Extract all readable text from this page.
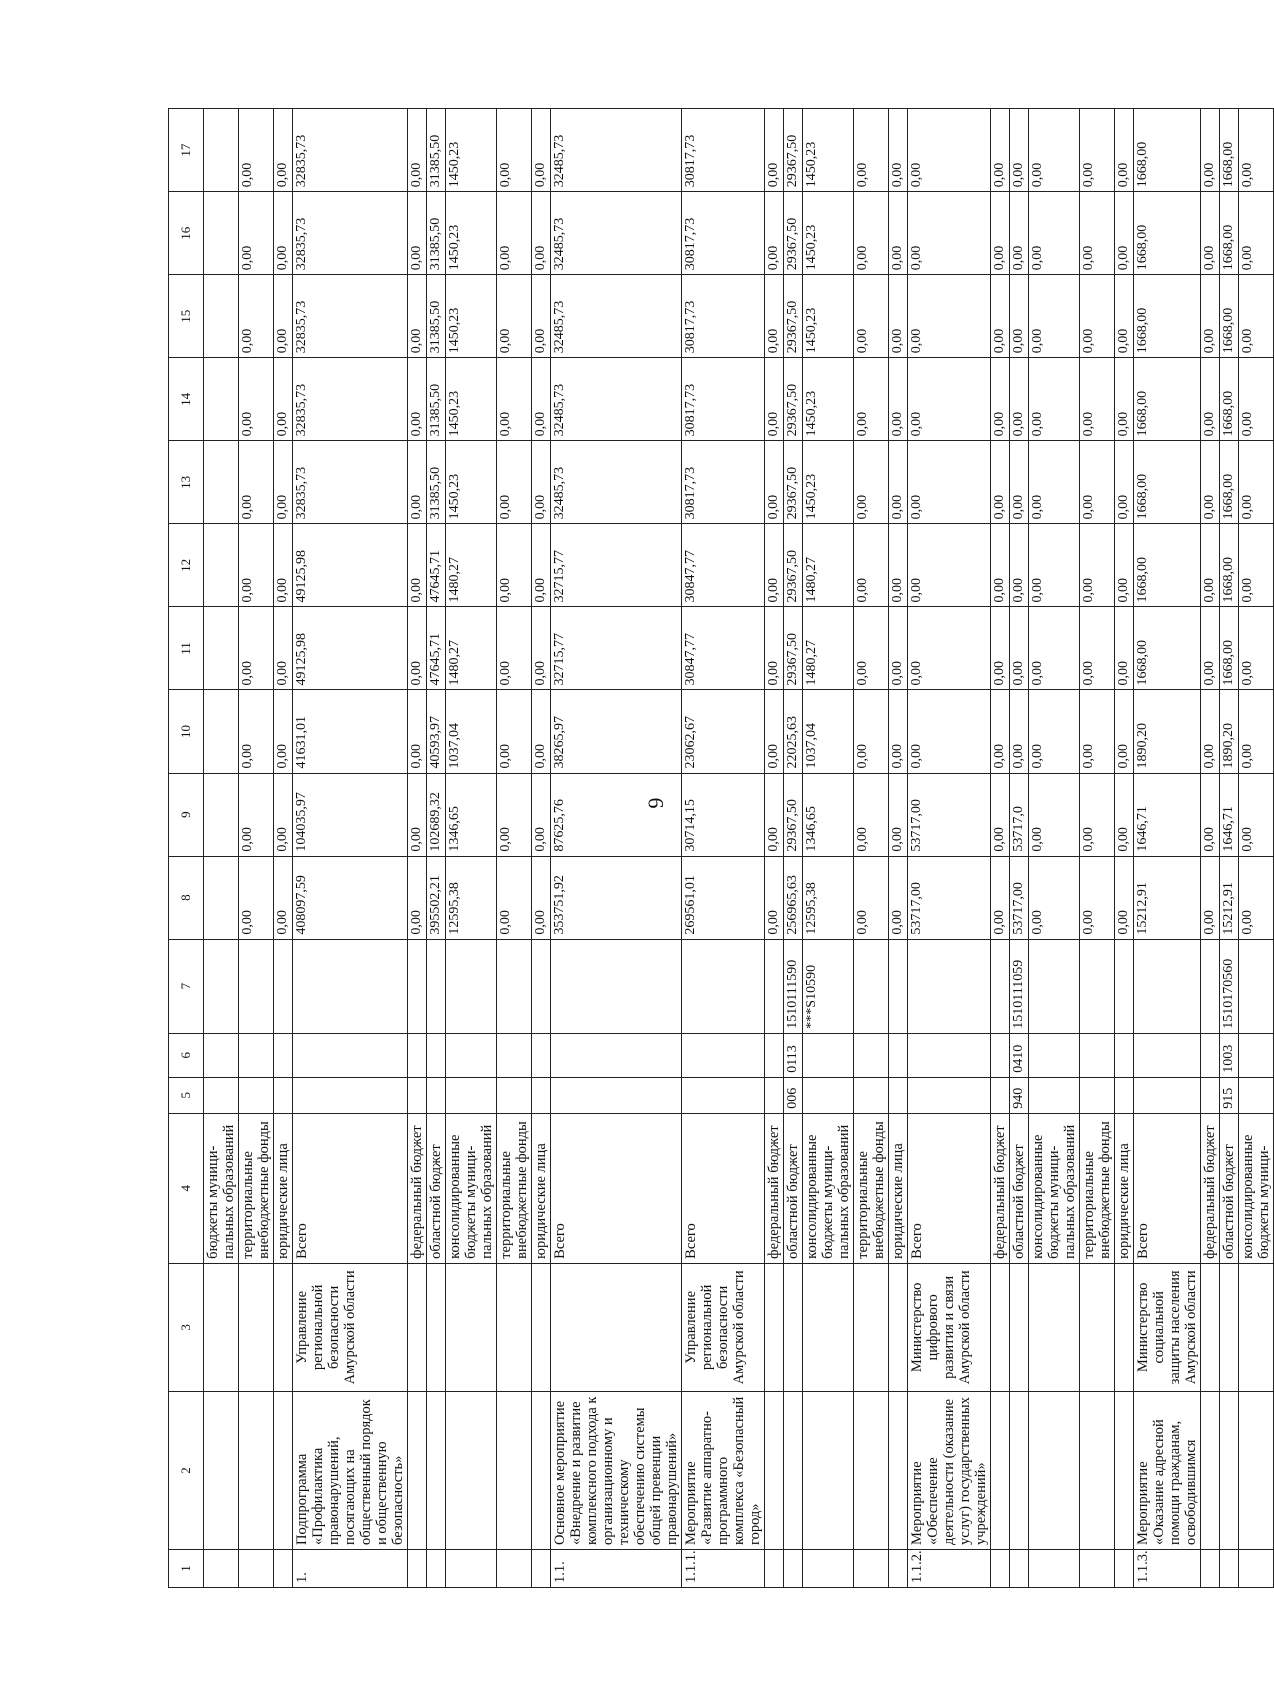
6
1	2	3	4	5	6	7	8	9	10	11	12	13	14	15	16	17
			бюджеты муници-пальных образований													
			территориальные внебюджетные фонды				0,00	0,00	0,00	0,00	0,00	0,00	0,00	0,00	0,00	0,00
			юридические лица				0,00	0,00	0,00	0,00	0,00	0,00	0,00	0,00	0,00	0,00
1.	Подпрограмма «Профилактика правонарушений, посягающих на общественный порядок и общественную безопасность»	Управление региональной безопасности Амурской области	Всего				408097,59	104035,97	41631,01	49125,98	49125,98	32835,73	32835,73	32835,73	32835,73	32835,73
			федеральный бюджет				0,00	0,00	0,00	0,00	0,00	0,00	0,00	0,00	0,00	0,00
			областной бюджет				395502,21	102689,32	40593,97	47645,71	47645,71	31385,50	31385,50	31385,50	31385,50	31385,50
			консолидированные бюджеты муници-пальных образований				12595,38	1346,65	1037,04	1480,27	1480,27	1450,23	1450,23	1450,23	1450,23	1450,23
			территориальные внебюджетные фонды				0,00	0,00	0,00	0,00	0,00	0,00	0,00	0,00	0,00	0,00
			юридические лица				0,00	0,00	0,00	0,00	0,00	0,00	0,00	0,00	0,00	0,00
1.1.	Основное мероприятие «Внедрение и развитие комплексного подхода к организационному и техническому обеспечению системы общей превенции правонарушений»		Всего				353751,92	87625,76	38265,97	32715,77	32715,77	32485,73	32485,73	32485,73	32485,73	32485,73
1.1.1.	Мероприятие «Развитие аппаратно-программного комплекса «Безопасный город»	Управление региональной безопасности Амурской области	Всего				269561,01	30714,15	23062,67	30847,77	30847,77	30817,73	30817,73	30817,73	30817,73	30817,73
			федеральный бюджет				0,00	0,00	0,00	0,00	0,00	0,00	0,00	0,00	0,00	0,00
			областной бюджет	006	0113	1510111590	256965,63	29367,50	22025,63	29367,50	29367,50	29367,50	29367,50	29367,50	29367,50	29367,50
			консолидированные бюджеты муници-пальных образований			***S10590	12595,38	1346,65	1037,04	1480,27	1480,27	1450,23	1450,23	1450,23	1450,23	1450,23
			территориальные внебюджетные фонды				0,00	0,00	0,00	0,00	0,00	0,00	0,00	0,00	0,00	0,00
			юридические лица				0,00	0,00	0,00	0,00	0,00	0,00	0,00	0,00	0,00	0,00
1.1.2.	Мероприятие «Обеспечение деятельности (оказание услуг) государственных учреждений»	Министерство цифрового развития и связи Амурской области	Всего				53717,00	53717,00	0,00	0,00	0,00	0,00	0,00	0,00	0,00	0,00
			федеральный бюджет				0,00	0,00	0,00	0,00	0,00	0,00	0,00	0,00	0,00	0,00
			областной бюджет	940	0410	1510111059	53717,00	53717,0	0,00	0,00	0,00	0,00	0,00	0,00	0,00	0,00
			консолидированные бюджеты муници-пальных образований				0,00	0,00	0,00	0,00	0,00	0,00	0,00	0,00	0,00	0,00
			территориальные внебюджетные фонды				0,00	0,00	0,00	0,00	0,00	0,00	0,00	0,00	0,00	0,00
			юридические лица				0,00	0,00	0,00	0,00	0,00	0,00	0,00	0,00	0,00	0,00
1.1.3.	Мероприятие «Оказание адресной помощи гражданам, освободившимся	Министерство социальной защиты населения Амурской области	Всего				15212,91	1646,71	1890,20	1668,00	1668,00	1668,00	1668,00	1668,00	1668,00	1668,00
			федеральный бюджет				0,00	0,00	0,00	0,00	0,00	0,00	0,00	0,00	0,00	0,00
			областной бюджет	915	1003	1510170560	15212,91	1646,71	1890,20	1668,00	1668,00	1668,00	1668,00	1668,00	1668,00	1668,00
			консолидированные бюджеты муници-				0,00	0,00	0,00	0,00	0,00	0,00	0,00	0,00	0,00	0,00
